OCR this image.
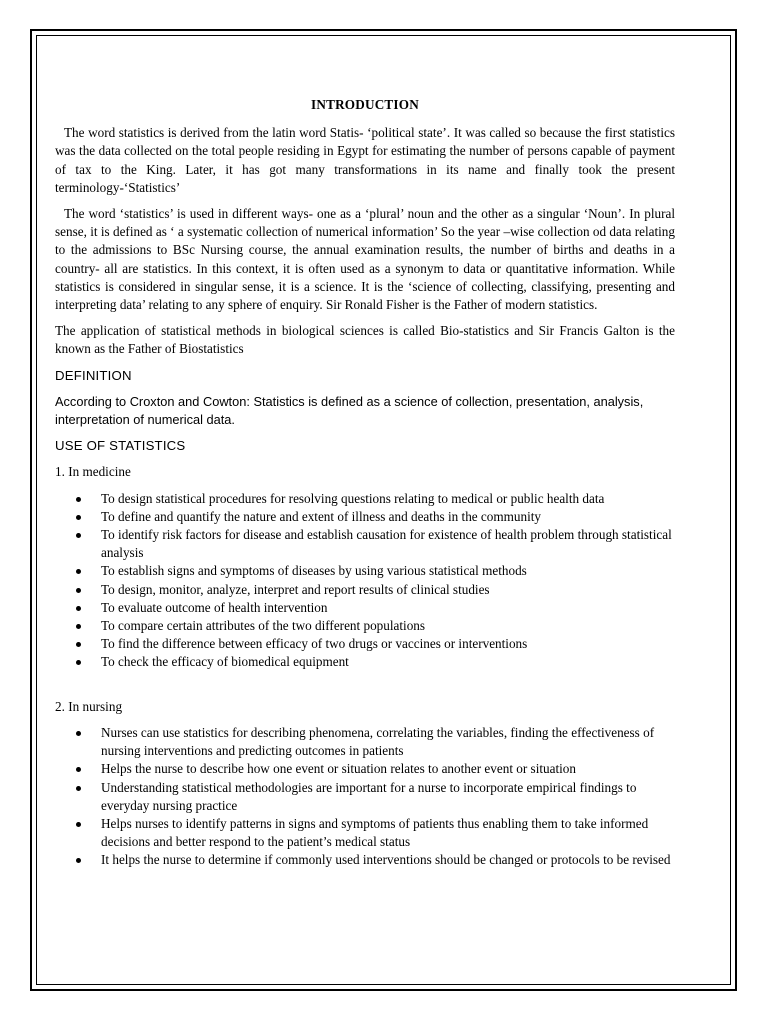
INTRODUCTION
The word statistics is derived from the latin word Statis- ‘political state’. It was called so because the first statistics was the data collected on the total people residing in Egypt for estimating the number of persons capable of payment of tax to the King. Later, it has got many transformations in its name and finally took the present terminology-‘Statistics’
The word ‘statistics’ is used in different ways- one as a ‘plural’ noun and the other as a singular ‘Noun’. In plural sense, it is defined as ‘ a systematic collection of numerical information’ So the year –wise collection od data relating to the admissions to BSc Nursing course, the annual examination results, the number of births and deaths in a country- all are statistics. In this context, it is often used as a synonym to data or quantitative information. While statistics is considered in singular sense, it is a science. It is the ‘science of collecting, classifying, presenting and interpreting data’ relating to any sphere of enquiry. Sir Ronald Fisher is the Father of modern statistics.
The application of statistical methods in biological sciences is called Bio-statistics and Sir Francis Galton is the known as the Father of Biostatistics
DEFINITION
According to Croxton and Cowton: Statistics is defined as a science of collection, presentation, analysis, interpretation of numerical data.
USE OF STATISTICS
1. In medicine
To design statistical procedures for resolving questions relating to medical or public health data
To define and quantify the nature and extent of illness and deaths in the community
To identify risk factors for disease and establish causation for existence of health problem through statistical analysis
To establish signs and symptoms of diseases by using various statistical methods
To design, monitor, analyze, interpret and report results of clinical studies
To evaluate outcome of health intervention
To compare certain attributes of the two different populations
To find the difference between efficacy of two drugs or vaccines or interventions
To check the efficacy of biomedical equipment
2. In nursing
Nurses can use statistics for describing phenomena, correlating the variables, finding the effectiveness of nursing interventions and predicting outcomes in patients
Helps the nurse to describe how one event or situation relates to another event or situation
Understanding statistical methodologies are important for a nurse to incorporate empirical findings to everyday nursing practice
Helps nurses to identify patterns in signs and symptoms of patients thus enabling them to take informed decisions and better respond to the patient’s medical status
It helps the nurse to determine if commonly used interventions should be changed or protocols to be revised
